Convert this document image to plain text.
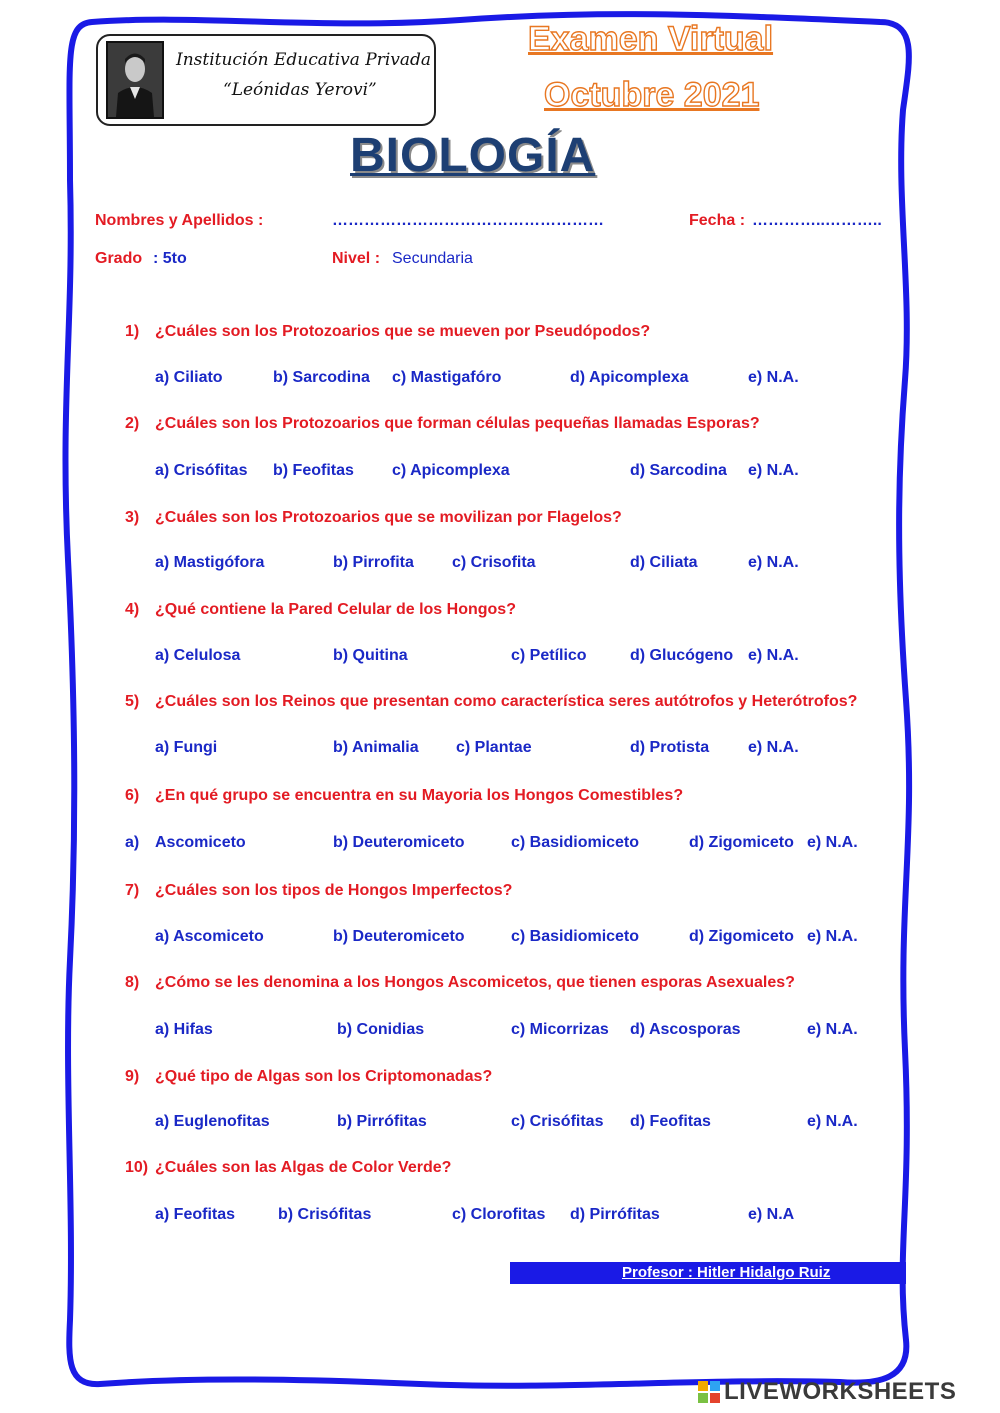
Institución Educativa Privada
“Leónidas Yerovi”
Examen Virtual
Octubre 2021
BIOLOGÍA
Nombres y Apellidos :	……………………………………………	Fecha : …………..………..
Grado : 5to	Nivel : Secundaria
1) ¿Cuáles son los Protozoarios que se mueven por Pseudópodos?
a) Ciliato	b) Sarcodina c) Mastigafóro	d) Apicomplexa	e) N.A.
2) ¿Cuáles son los Protozoarios que forman células pequeñas llamadas Esporas?
a) Crisófitas b) Feofitas c) Apicomplexa	d) Sarcodina e) N.A.
3) ¿Cuáles son los Protozoarios que se movilizan por Flagelos?
a) Mastigófora	b) Pirrofita c) Crisofita	d) Ciliata	e) N.A.
4) ¿Qué contiene la Pared Celular de los Hongos?
a) Celulosa	b) Quitina	c) Petílico	d) Glucógeno e) N.A.
5) ¿Cuáles son los Reinos que presentan como característica seres autótrofos y Heterótrofos?
a) Fungi	b) Animalia c) Plantae	d) Protista e) N.A.
6) ¿En qué grupo se encuentra en su Mayoria los Hongos Comestibles?
a) Ascomiceto	b) Deuteromiceto	c) Basidiomiceto	d) Zigomiceto e) N.A.
7) ¿Cuáles son los tipos de Hongos Imperfectos?
a) Ascomiceto	b) Deuteromiceto	c) Basidiomiceto	d) Zigomiceto e) N.A.
8) ¿Cómo se les denomina a los Hongos Ascomicetos, que tienen esporas Asexuales?
a) Hifas	b) Conidias	c) Micorrizas d) Ascosporas	e) N.A.
9) ¿Qué tipo de Algas son los Criptomonadas?
a) Euglenofitas	b) Pirrófitas	c) Crisófitas d) Feofitas	e) N.A.
10) ¿Cuáles son las Algas de Color Verde?
a) Feofitas	b) Crisófitas	c) Clorofitas d) Pirrófitas	e) N.A
Profesor : Hitler Hidalgo Ruiz
LIVEWORKSHEETS
